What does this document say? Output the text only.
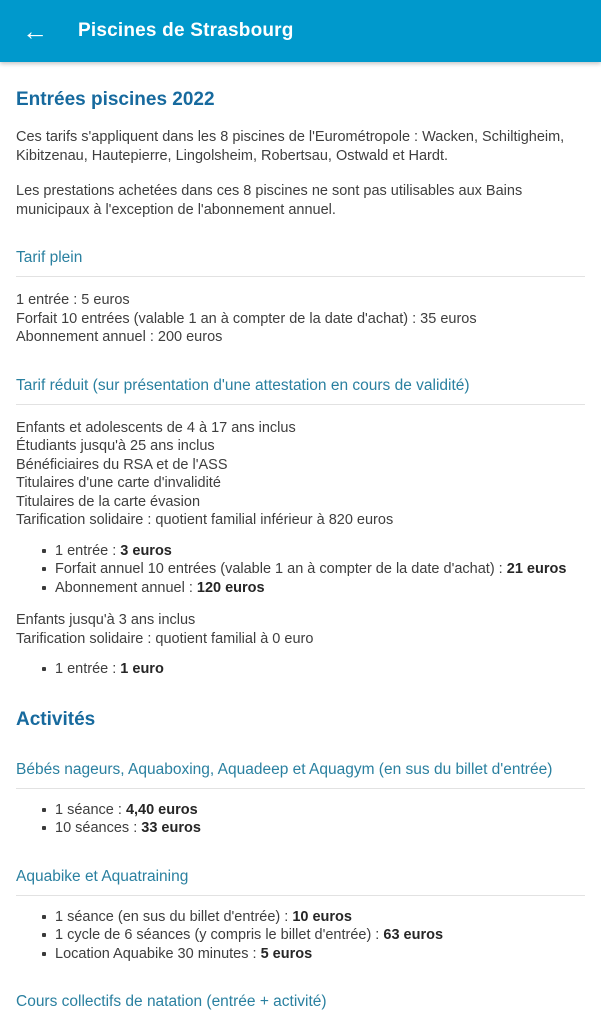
← Piscines de Strasbourg
Entrées piscines 2022

Ces tarifs s'appliquent dans les 8 piscines de l'Eurométropole : Wacken, Schiltigheim, Kibitzenau, Hautepierre, Lingolsheim, Robertsau, Ostwald et Hardt.

Les prestations achetées dans ces 8 piscines ne sont pas utilisables aux Bains municipaux à l'exception de l'abonnement annuel.

Tarif plein
1 entrée : 5 euros
Forfait 10 entrées (valable 1 an à compter de la date d'achat) : 35 euros
Abonnement annuel : 200 euros
Tarif réduit (sur présentation d'une attestation en cours de validité)
Enfants et adolescents de 4 à 17 ans inclus
Étudiants jusqu'à 25 ans inclus
Bénéficiaires du RSA et de l'ASS
Titulaires d'une carte d'invalidité
Titulaires de la carte évasion
Tarification solidaire : quotient familial inférieur à 820 euros
1 entrée : 3 euros
Forfait annuel 10 entrées (valable 1 an à compter de la date d'achat) : 21 euros
Abonnement annuel : 120 euros
Enfants jusqu'à 3 ans inclus
Tarification solidaire : quotient familial à 0 euro
1 entrée : 1 euro
Activités
Bébés nageurs, Aquaboxing, Aquadeep et Aquagym (en sus du billet d'entrée)
1 séance : 4,40 euros
10 séances : 33 euros
Aquabike et Aquatraining
1 séance (en sus du billet d'entrée) : 10 euros
1 cycle de 6 séances (y compris le billet d'entrée) : 63 euros
Location Aquabike 30 minutes : 5 euros
Cours collectifs de natation (entrée + activité)
